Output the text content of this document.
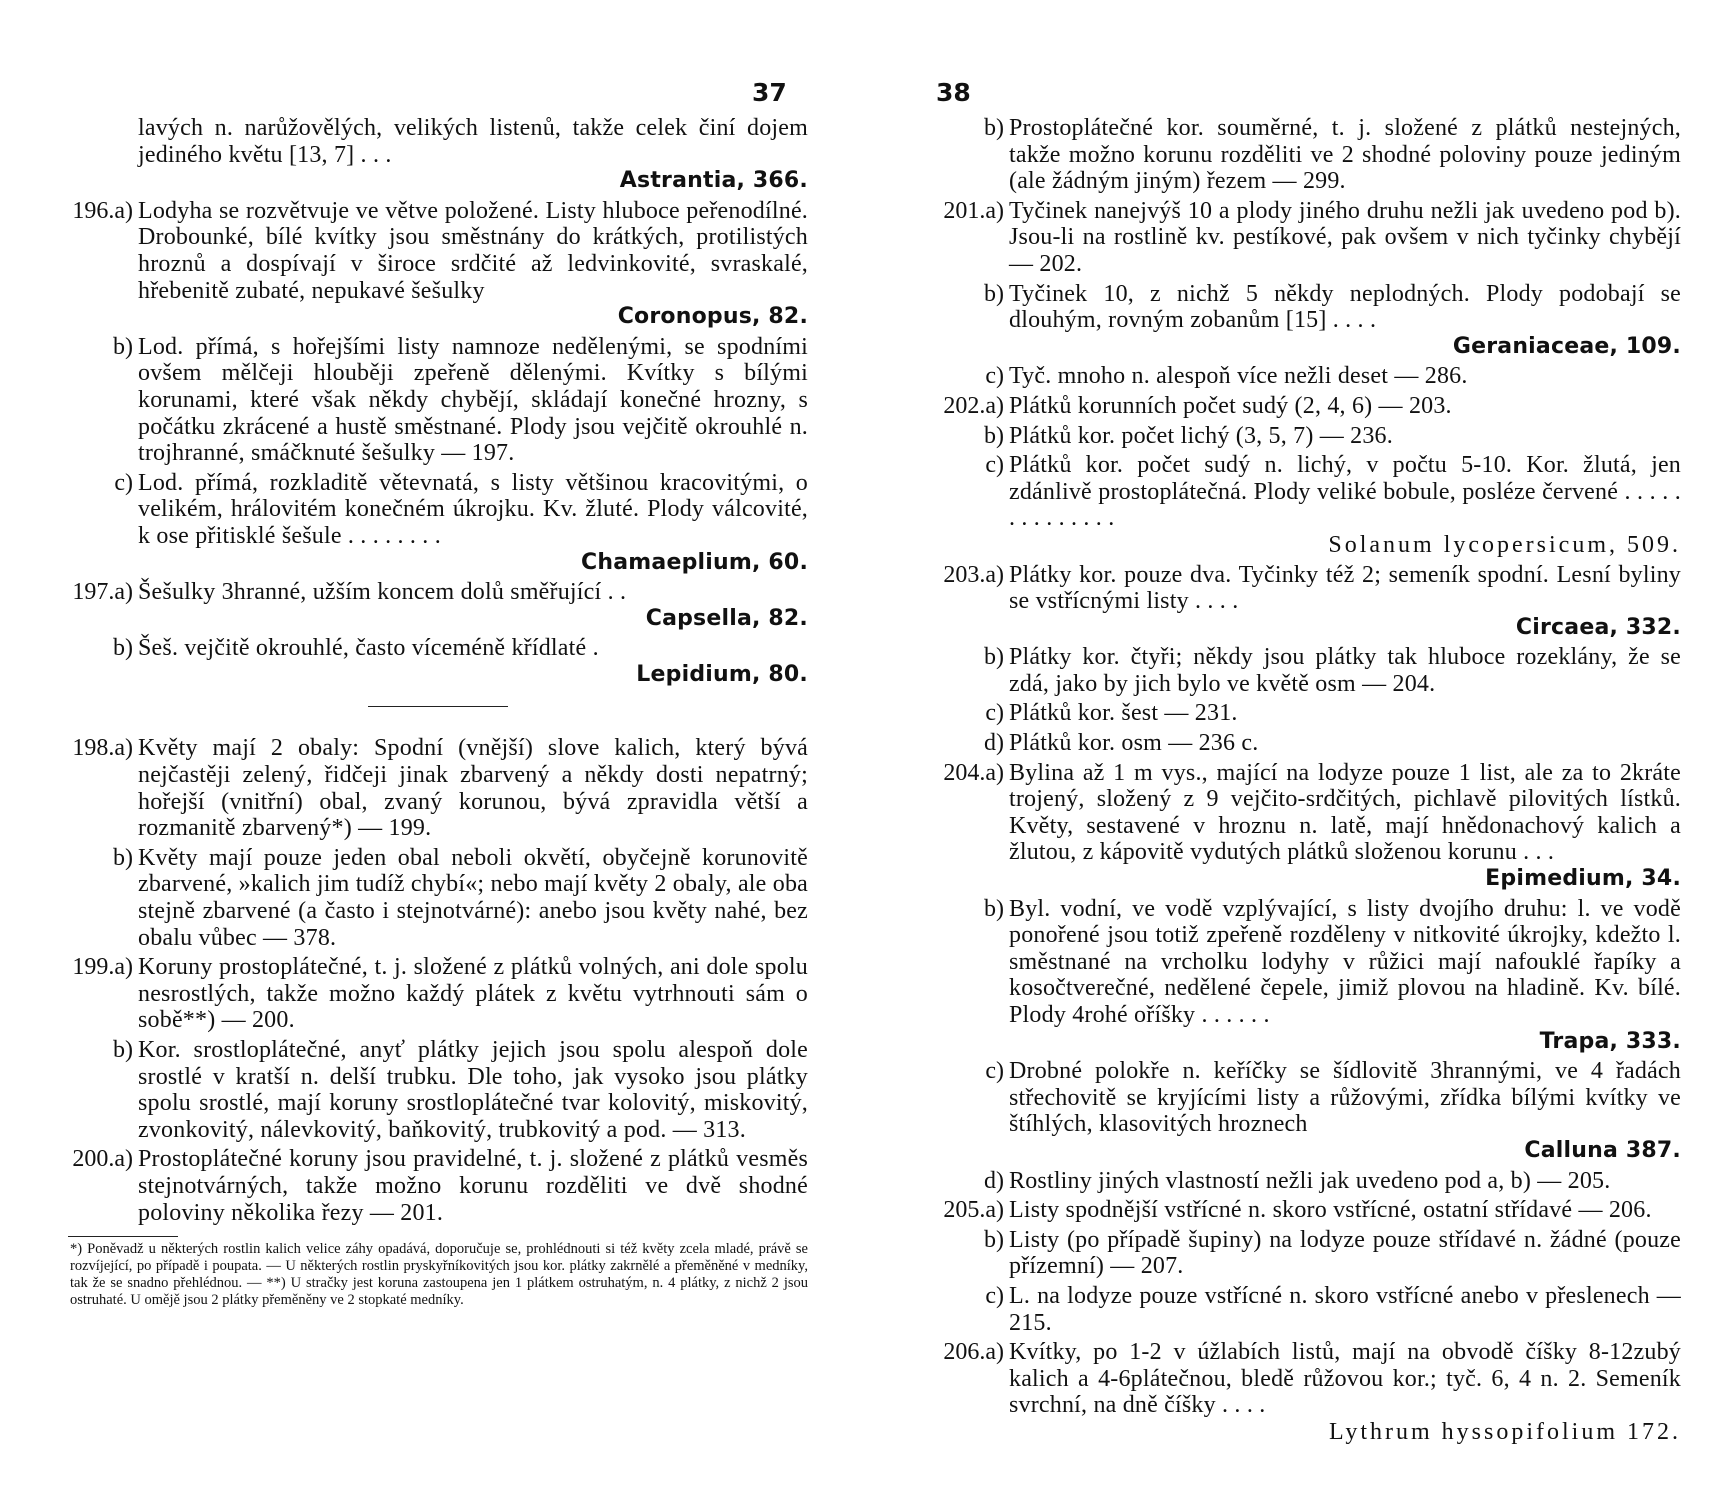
37
lavých n. narůžovělých, velikých listenů, takže celek činí dojem jediného květu [13, 7] . . .
Astrantia, 366.
196.a) Lodyha se rozvětvuje ve větve položené. Listy hluboce peřenodílné. Drobounké, bílé kvítky jsou směstnány do krátkých, protilistých hroznů a dospívají v široce srdčité až ledvinkovité, svraskalé, hřebenitě zubaté, nepukavé šešulky
Coronopus, 82.
b) Lod. přímá, s hořejšími listy namnoze nedělenými, se spodními ovšem mělčeji hlouběji zpeřeně dělenými. Kvítky s bílými korunami, které však někdy chybějí, skládají konečné hrozny, s počátku zkrácené a hustě směstnané. Plody jsou vejčitě okrouhlé n. trojhranné, smáčknuté šešulky — 197.
c) Lod. přímá, rozkladitě větevnatá, s listy většinou kracovitými, o velikém, hrálovitém konečném úkrojku. Kv. žluté. Plody válcovité, k ose přitisklé šešule . . . . . . . .
Chamaeplium, 60.
197.a) Šešulky 3hranné, užším koncem dolů směřující . .
Capsella, 82.
b) Šeš. vejčitě okrouhlé, často víceméně křídlaté .
Lepidium, 80.
198.a) Květy mají 2 obaly: Spodní (vnější) slove kalich, který bývá nejčastěji zelený, řidčeji jinak zbarvený a někdy dosti nepatrný; hořejší (vnitřní) obal, zvaný korunou, bývá zpravidla větší a rozmanitě zbarvený*) — 199.
b) Květy mají pouze jeden obal neboli okvětí, obyčejně korunovitě zbarvené, »kalich jim tudíž chybí«; nebo mají květy 2 obaly, ale oba stejně zbarvené (a často i stejnotvárné): anebo jsou květy nahé, bez obalu vůbec — 378.
199.a) Koruny prostoplátečné, t. j. složené z plátků volných, ani dole spolu nesrostlých, takže možno každý plátek z květu vytrhnouti sám o sobě**) — 200.
b) Kor. srostloplátečné, anyť plátky jejich jsou spolu alespoň dole srostlé v kratší n. delší trubku. Dle toho, jak vysoko jsou plátky spolu srostlé, mají koruny srostloplátečné tvar kolovitý, miskovitý, zvonkovitý, nálevkovitý, baňkovitý, trubkovitý a pod. — 313.
200.a) Prostoplátečné koruny jsou pravidelné, t. j. složené z plátků vesměs stejnotvárných, takže možno korunu rozděliti ve dvě shodné poloviny několika řezy — 201.
*) Poněvadž u některých rostlin kalich velice záhy opadává, doporučuje se, prohlédnouti si též květy zcela mladé, právě se rozvíjející, po případě i poupata. — U některých rostlin pryskyřníkovitých jsou kor. plátky zakrnělé a přeměněné v medníky, tak že se snadno přehlédnou. — **) U stračky jest koruna zastoupena jen 1 plátkem ostruhatým, n. 4 plátky, z nichž 2 jsou ostruhaté. U omějě jsou 2 plátky přeměněny ve 2 stopkaté medníky.
38
b) Prostoplátečné kor. souměrné, t. j. složené z plátků nestejných, takže možno korunu rozděliti ve 2 shodné poloviny pouze jediným (ale žádným jiným) řezem — 299.
201.a) Tyčinek nanejvýš 10 a plody jiného druhu nežli jak uvedeno pod b). Jsou-li na rostlině kv. pestíkové, pak ovšem v nich tyčinky chybějí — 202.
b) Tyčinek 10, z nichž 5 někdy neplodných. Plody podobají se dlouhým, rovným zobanům [15] . . . .
Geraniaceae, 109.
c) Tyč. mnoho n. alespoň více nežli deset — 286.
202.a) Plátků korunních počet sudý (2, 4, 6) — 203.
b) Plátků kor. počet lichý (3, 5, 7) — 236.
c) Plátků kor. počet sudý n. lichý, v počtu 5-10. Kor. žlutá, jen zdánlivě prostoplátečná. Plody veliké bobule, posléze červené . . . . . . . . . . . . . .
Solanum lycopersicum, 509.
203.a) Plátky kor. pouze dva. Tyčinky též 2; semeník spodní. Lesní byliny se vstřícnými listy . . . .
Circaea, 332.
b) Plátky kor. čtyři; někdy jsou plátky tak hluboce rozeklány, že se zdá, jako by jich bylo ve květě osm — 204.
c) Plátků kor. šest — 231.
d) Plátků kor. osm — 236 c.
204.a) Bylina až 1 m vys., mající na lodyze pouze 1 list, ale za to 2kráte trojený, složený z 9 vejčito-srdčitých, pichlavě pilovitých lístků. Květy, sestavené v hroznu n. latě, mají hnědonachový kalich a žlutou, z kápovitě vydutých plátků složenou korunu . . .
Epimedium, 34.
b) Byl. vodní, ve vodě vzplývající, s listy dvojího druhu: l. ve vodě ponořené jsou totiž zpeřeně rozděleny v nitkovité úkrojky, kdežto l. směstnané na vrcholku lodyhy v růžici mají nafouklé řapíky a kosočtverečné, nedělené čepele, jimiž plovou na hladině. Kv. bílé. Plody 4rohé oříšky . . . . . .
Trapa, 333.
c) Drobné polokře n. keříčky se šídlovitě 3hrannými, ve 4 řadách střechovitě se kryjícími listy a růžovými, zřídka bílými kvítky ve štíhlých, klasovitých hroznech
Calluna 387.
d) Rostliny jiných vlastností nežli jak uvedeno pod a, b) — 205.
205.a) Listy spodnější vstřícné n. skoro vstřícné, ostatní střídavé — 206.
b) Listy (po případě šupiny) na lodyze pouze střídavé n. žádné (pouze přízemní) — 207.
c) L. na lodyze pouze vstřícné n. skoro vstřícné anebo v přeslenech — 215.
206.a) Kvítky, po 1-2 v úžlabích listů, mají na obvodě číšky 8-12zubý kalich a 4-6plátečnou, bledě růžovou kor.; tyč. 6, 4 n. 2. Semeník svrchní, na dně číšky . . . .
Lythrum hyssopifolium 172.
